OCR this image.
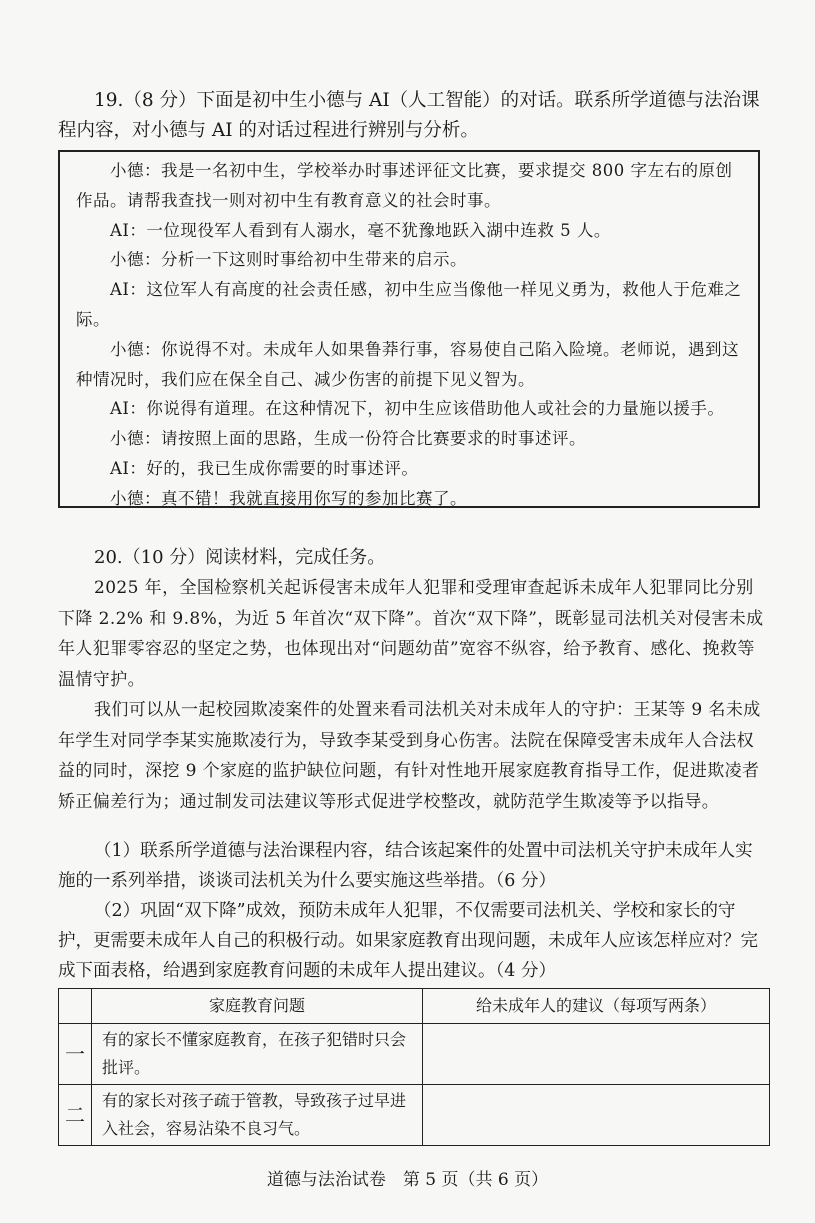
19.（8 分）下面是初中生小德与 AI（人工智能）的对话。联系所学道德与法治课程内容，对小德与 AI 的对话过程进行辨别与分析。

小德：我是一名初中生，学校举办时事述评征文比赛，要求提交 800 字左右的原创作品。请帮我查找一则对初中生有教育意义的社会时事。

AI：一位现役军人看到有人溺水，毫不犹豫地跃入湖中连救 5 人。

小德：分析一下这则时事给初中生带来的启示。

AI：这位军人有高度的社会责任感，初中生应当像他一样见义勇为，救他人于危难之际。

小德：你说得不对。未成年人如果鲁莽行事，容易使自己陷入险境。老师说，遇到这种情况时，我们应在保全自己、减少伤害的前提下见义智为。

AI：你说得有道理。在这种情况下，初中生应该借助他人或社会的力量施以援手。

小德：请按照上面的思路，生成一份符合比赛要求的时事述评。

AI：好的，我已生成你需要的时事述评。

小德：真不错！我就直接用你写的参加比赛了。

20.（10 分）阅读材料，完成任务。

2025 年，全国检察机关起诉侵害未成年人犯罪和受理审查起诉未成年人犯罪同比分别下降 2.2% 和 9.8%，为近 5 年首次“双下降”。首次“双下降”，既彰显司法机关对侵害未成年人犯罪零容忍的坚定之势，也体现出对“问题幼苗”宽容不纵容，给予教育、感化、挽救等温情守护。

我们可以从一起校园欺凌案件的处置来看司法机关对未成年人的守护：王某等 9 名未成年学生对同学李某实施欺凌行为，导致李某受到身心伤害。法院在保障受害未成年人合法权益的同时，深挖 9 个家庭的监护缺位问题，有针对性地开展家庭教育指导工作，促进欺凌者矫正偏差行为；通过制发司法建议等形式促进学校整改，就防范学生欺凌等予以指导。

（1）联系所学道德与法治课程内容，结合该起案件的处置中司法机关守护未成年人实施的一系列举措，谈谈司法机关为什么要实施这些举措。（6 分）

（2）巩固“双下降”成效，预防未成年人犯罪，不仅需要司法机关、学校和家长的守护，更需要未成年人自己的积极行动。如果家庭教育出现问题，未成年人应该怎样应对？完成下面表格，给遇到家庭教育问题的未成年人提出建议。（4 分）

	家庭教育问题	给未成年人的建议（每项写两条）
一	有的家长不懂家庭教育，在孩子犯错时只会批评。	
二	有的家长对孩子疏于管教，导致孩子过早进入社会，容易沾染不良习气。	
道德与法治试卷　第 5 页（共 6 页）
